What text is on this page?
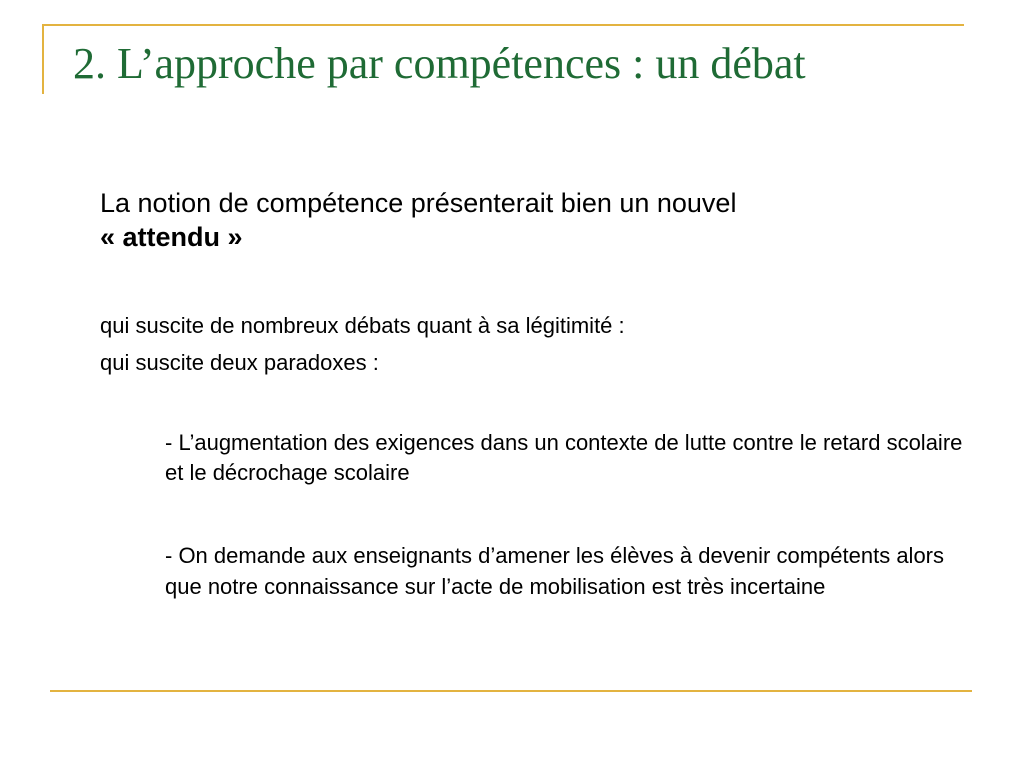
2. L’approche par compétences : un débat
La notion de compétence présenterait bien un nouvel
« attendu »
qui suscite de nombreux débats quant à sa légitimité :
qui suscite deux paradoxes :
- L’augmentation des exigences dans un contexte de lutte contre le retard scolaire et le décrochage scolaire
- On demande aux enseignants d’amener les élèves à devenir compétents alors que notre connaissance sur l’acte de mobilisation est très incertaine
